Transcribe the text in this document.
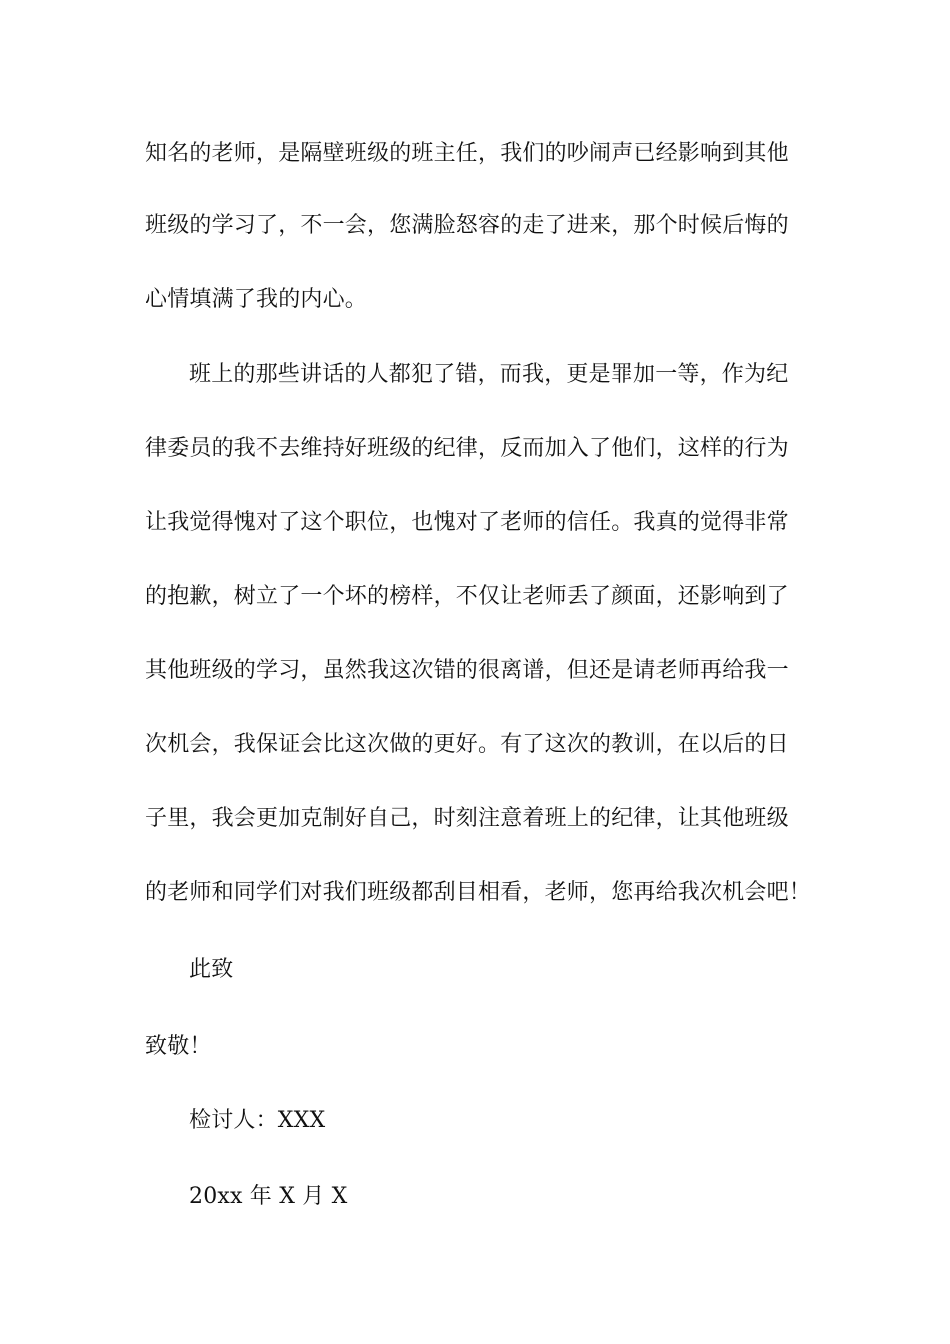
知名的老师，是隔壁班级的班主任，我们的吵闹声已经影响到其他
班级的学习了，不一会，您满脸怒容的走了进来，那个时候后悔的
心情填满了我的内心。
班上的那些讲话的人都犯了错，而我，更是罪加一等，作为纪
律委员的我不去维持好班级的纪律，反而加入了他们，这样的行为
让我觉得愧对了这个职位，也愧对了老师的信任。我真的觉得非常
的抱歉，树立了一个坏的榜样，不仅让老师丢了颜面，还影响到了
其他班级的学习，虽然我这次错的很离谱，但还是请老师再给我一
次机会，我保证会比这次做的更好。有了这次的教训，在以后的日
子里，我会更加克制好自己，时刻注意着班上的纪律，让其他班级
的老师和同学们对我们班级都刮目相看，老师，您再给我次机会吧！
此致
致敬！
检讨人：XXX
20xx 年 X 月 X
